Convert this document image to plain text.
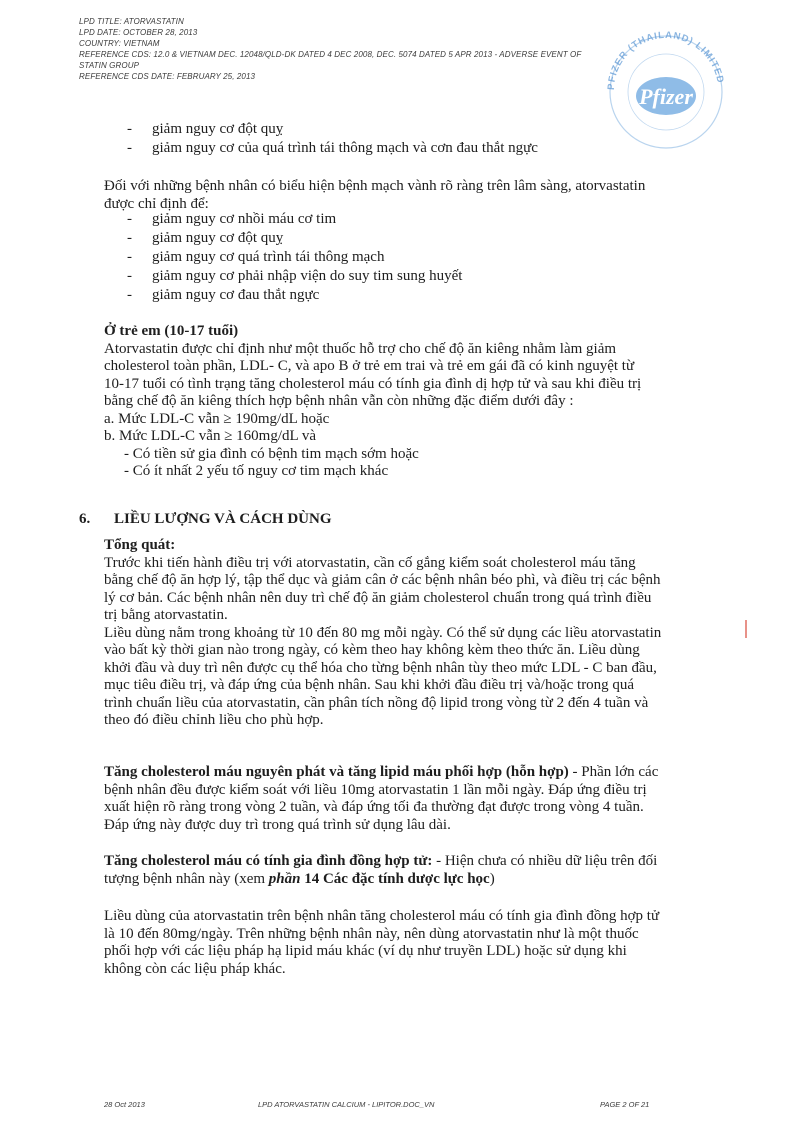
LPD TITLE: ATORVASTATIN
LPD DATE: OCTOBER 28, 2013
COUNTRY: VIETNAM
REFERENCE CDS: 12.0 & VIETNAM DEC. 12048/QLD-DK DATED 4 DEC 2008, DEC. 5074 DATED 5 APR 2013 - ADVERSE EVENT OF
STATIN GROUP
REFERENCE CDS DATE: FEBRUARY 25, 2013
PFIZER (THAILAND) LIMITED
Pfizer
- giảm nguy cơ đột quỵ
- giảm nguy cơ của quá trình tái thông mạch và cơn đau thắt ngực
Đối với những bệnh nhân có biểu hiện bệnh mạch vành rõ ràng trên lâm sàng, atorvastatin
được chỉ định để:
- giảm nguy cơ nhồi máu cơ tim
- giảm nguy cơ đột quỵ
- giảm nguy cơ quá trình tái thông mạch
- giảm nguy cơ phải nhập viện do suy tim sung huyết
- giảm nguy cơ đau thắt ngực
Ở trẻ em (10-17 tuổi)
Atorvastatin được chỉ định như một thuốc hỗ trợ cho chế độ ăn kiêng nhằm làm giảm
cholesterol toàn phần, LDL- C, và apo B ở trẻ em trai và trẻ em gái đã có kinh nguyệt từ
10-17 tuổi có tình trạng tăng cholesterol máu có tính gia đình dị hợp tử và sau khi điều trị
bằng chế độ ăn kiêng thích hợp bệnh nhân vẫn còn những đặc điểm dưới đây :
a. Mức LDL-C vẫn ≥ 190mg/dL hoặc
b. Mức LDL-C vẫn ≥ 160mg/dL và
- Có tiền sử gia đình có bệnh tim mạch sớm hoặc
- Có ít nhất 2 yếu tố nguy cơ tim mạch khác
6. LIỀU LƯỢNG VÀ CÁCH DÙNG
Tổng quát:
Trước khi tiến hành điều trị với atorvastatin, cần cố gắng kiểm soát cholesterol máu tăng
bằng chế độ ăn hợp lý, tập thể dục và giảm cân ở các bệnh nhân béo phì, và điều trị các bệnh
lý cơ bản. Các bệnh nhân nên duy trì chế độ ăn giảm cholesterol chuẩn trong quá trình điều
trị bằng atorvastatin.
Liều dùng nằm trong khoảng từ 10 đến 80 mg mỗi ngày. Có thể sử dụng các liều atorvastatin
vào bất kỳ thời gian nào trong ngày, có kèm theo hay không kèm theo thức ăn. Liều dùng
khởi đầu và duy trì nên được cụ thể hóa cho từng bệnh nhân tùy theo mức LDL - C ban đầu,
mục tiêu điều trị, và đáp ứng của bệnh nhân. Sau khi khởi đầu điều trị và/hoặc trong quá
trình chuẩn liều của atorvastatin, cần phân tích nồng độ lipid trong vòng từ 2 đến 4 tuần và
theo đó điều chỉnh liều cho phù hợp.
Tăng cholesterol máu nguyên phát và tăng lipid máu phối hợp (hỗn hợp) - Phần lớn các
bệnh nhân đều được kiểm soát với liều 10mg atorvastatin 1 lần mỗi ngày. Đáp ứng điều trị
xuất hiện rõ ràng trong vòng 2 tuần, và đáp ứng tối đa thường đạt được trong vòng 4 tuần.
Đáp ứng này được duy trì trong quá trình sử dụng lâu dài.
Tăng cholesterol máu có tính gia đình đồng hợp tử: - Hiện chưa có nhiều dữ liệu trên đối
tượng bệnh nhân này (xem phần 14 Các đặc tính dược lực học)
Liều dùng của atorvastatin trên bệnh nhân tăng cholesterol máu có tính gia đình đồng hợp tử
là 10 đến 80mg/ngày. Trên những bệnh nhân này, nên dùng atorvastatin như là một thuốc
phối hợp với các liệu pháp hạ lipid máu khác (ví dụ như truyền LDL) hoặc sử dụng khi
không còn các liệu pháp khác.
28 Oct 2013	LPD ATORVASTATIN CALCIUM - LIPITOR.DOC_VN	PAGE 2 OF 21
